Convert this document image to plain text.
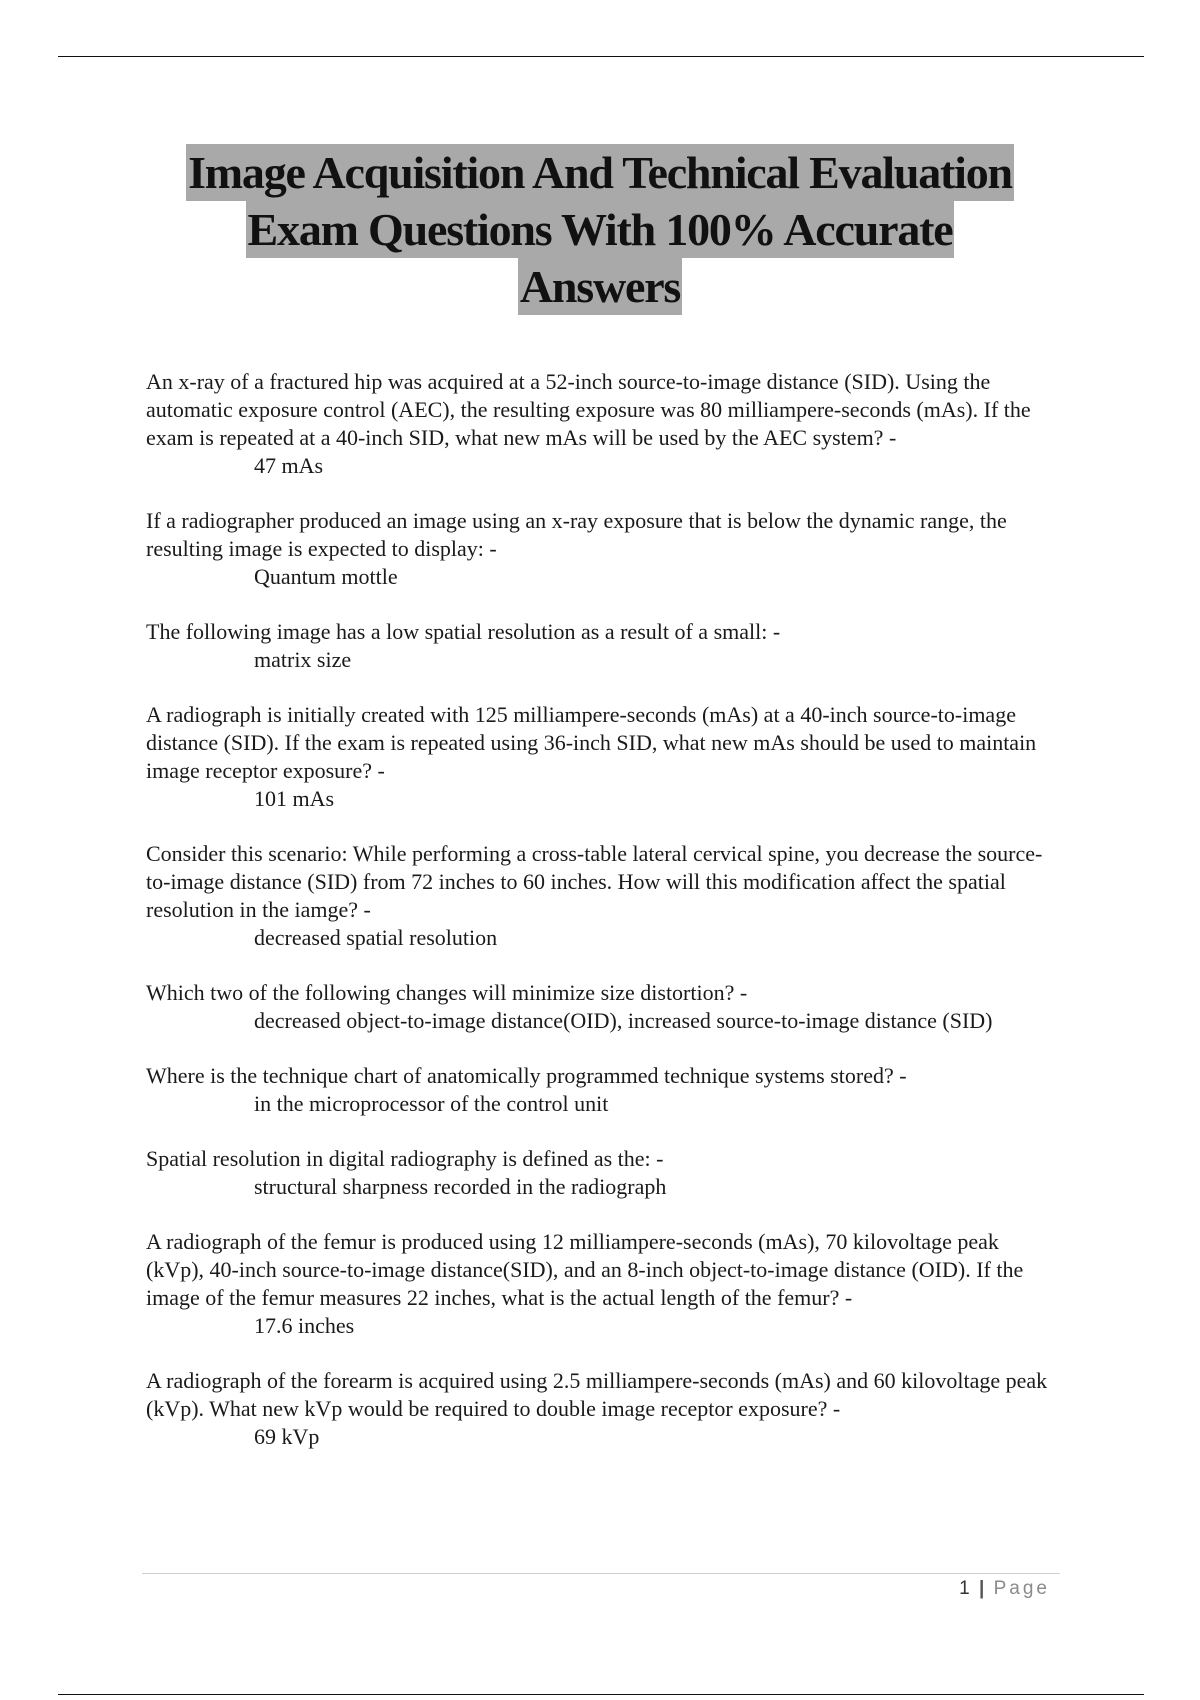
Image Acquisition And Technical Evaluation
Exam Questions With 100% Accurate
Answers
An x-ray of a fractured hip was acquired at a 52-inch source-to-image distance (SID). Using the automatic exposure control (AEC), the resulting exposure was 80 milliampere-seconds (mAs). If the exam is repeated at a 40-inch SID, what new mAs will be used by the AEC system? -
47 mAs
If a radiographer produced an image using an x-ray exposure that is below the dynamic range, the resulting image is expected to display: -
Quantum mottle
The following image has a low spatial resolution as a result of a small: -
matrix size
A radiograph is initially created with 125 milliampere-seconds (mAs) at a 40-inch source-to-image distance (SID). If the exam is repeated using 36-inch SID, what new mAs should be used to maintain image receptor exposure? -
101 mAs
Consider this scenario: While performing a cross-table lateral cervical spine, you decrease the source-to-image distance (SID) from 72 inches to 60 inches. How will this modification affect the spatial resolution in the iamge? -
decreased spatial resolution
Which two of the following changes will minimize size distortion? -
decreased object-to-image distance(OID), increased source-to-image distance (SID)
Where is the technique chart of anatomically programmed technique systems stored? -
in the microprocessor of the control unit
Spatial resolution in digital radiography is defined as the: -
structural sharpness recorded in the radiograph
A radiograph of the femur is produced using 12 milliampere-seconds (mAs), 70 kilovoltage peak (kVp), 40-inch source-to-image distance(SID), and an 8-inch object-to-image distance (OID). If the image of the femur measures 22 inches, what is the actual length of the femur? -
17.6 inches
A radiograph of the forearm is acquired using 2.5 milliampere-seconds (mAs) and 60 kilovoltage peak (kVp). What new kVp would be required to double image receptor exposure? -
69 kVp
1 | Page
